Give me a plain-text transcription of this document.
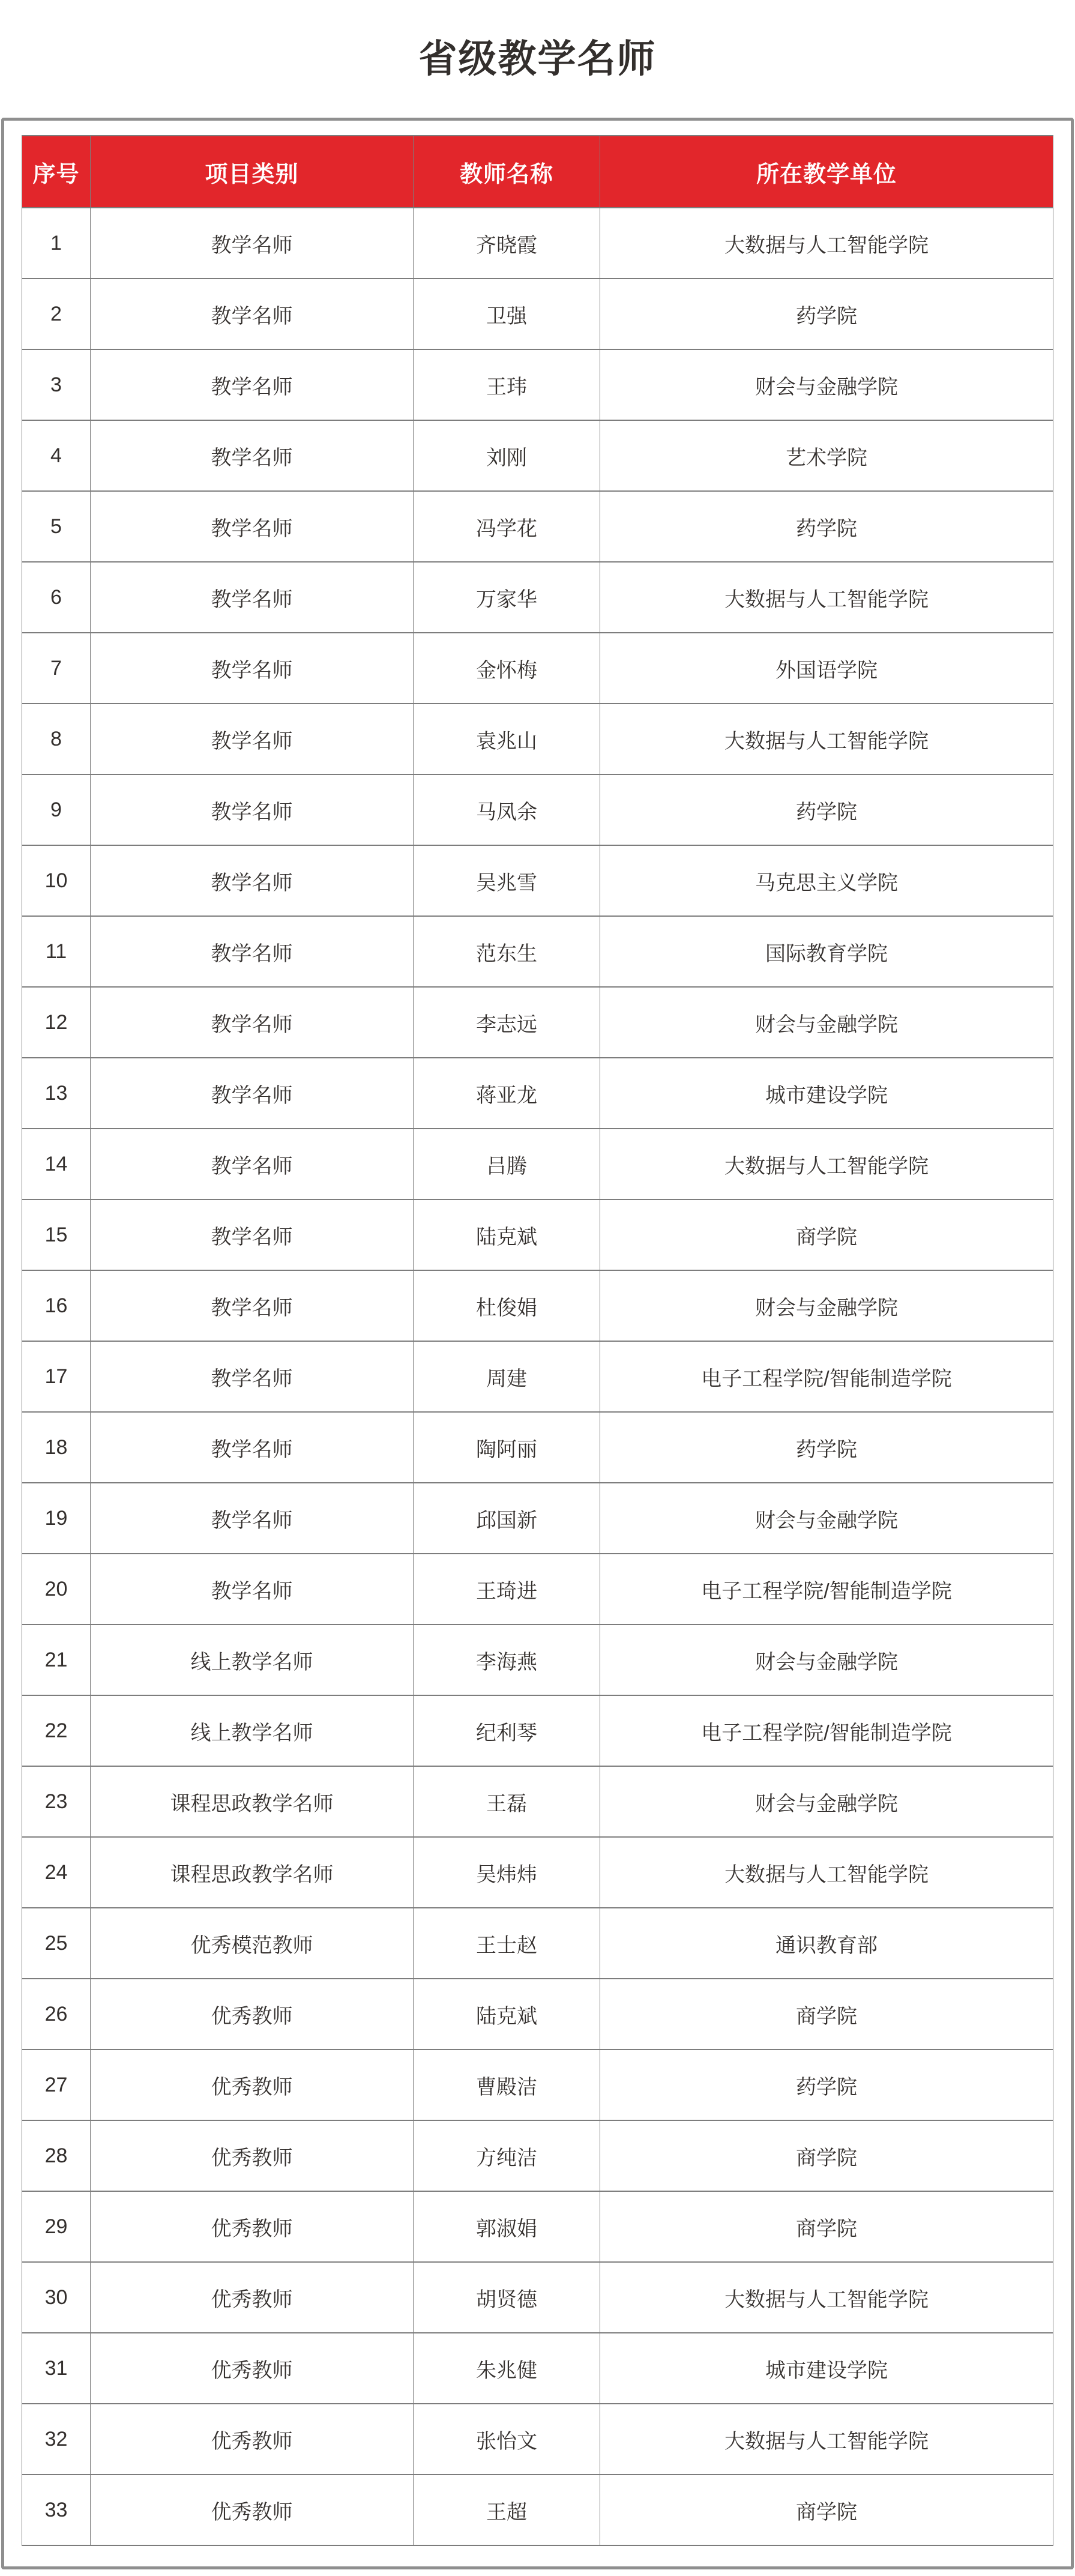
省级教学名师
序号	项目类别	教师名称	所在教学单位
1	教学名师	齐晓霞	大数据与人工智能学院
2	教学名师	卫强	药学院
3	教学名师	王玮	财会与金融学院
4	教学名师	刘刚	艺术学院
5	教学名师	冯学花	药学院
6	教学名师	万家华	大数据与人工智能学院
7	教学名师	金怀梅	外国语学院
8	教学名师	袁兆山	大数据与人工智能学院
9	教学名师	马凤余	药学院
10	教学名师	吴兆雪	马克思主义学院
11	教学名师	范东生	国际教育学院
12	教学名师	李志远	财会与金融学院
13	教学名师	蒋亚龙	城市建设学院
14	教学名师	吕腾	大数据与人工智能学院
15	教学名师	陆克斌	商学院
16	教学名师	杜俊娟	财会与金融学院
17	教学名师	周建	电子工程学院/智能制造学院
18	教学名师	陶阿丽	药学院
19	教学名师	邱国新	财会与金融学院
20	教学名师	王琦进	电子工程学院/智能制造学院
21	线上教学名师	李海燕	财会与金融学院
22	线上教学名师	纪利琴	电子工程学院/智能制造学院
23	课程思政教学名师	王磊	财会与金融学院
24	课程思政教学名师	吴炜炜	大数据与人工智能学院
25	优秀模范教师	王士赵	通识教育部
26	优秀教师	陆克斌	商学院
27	优秀教师	曹殿洁	药学院
28	优秀教师	方纯洁	商学院
29	优秀教师	郭淑娟	商学院
30	优秀教师	胡贤德	大数据与人工智能学院
31	优秀教师	朱兆健	城市建设学院
32	优秀教师	张怡文	大数据与人工智能学院
33	优秀教师	王超	商学院
